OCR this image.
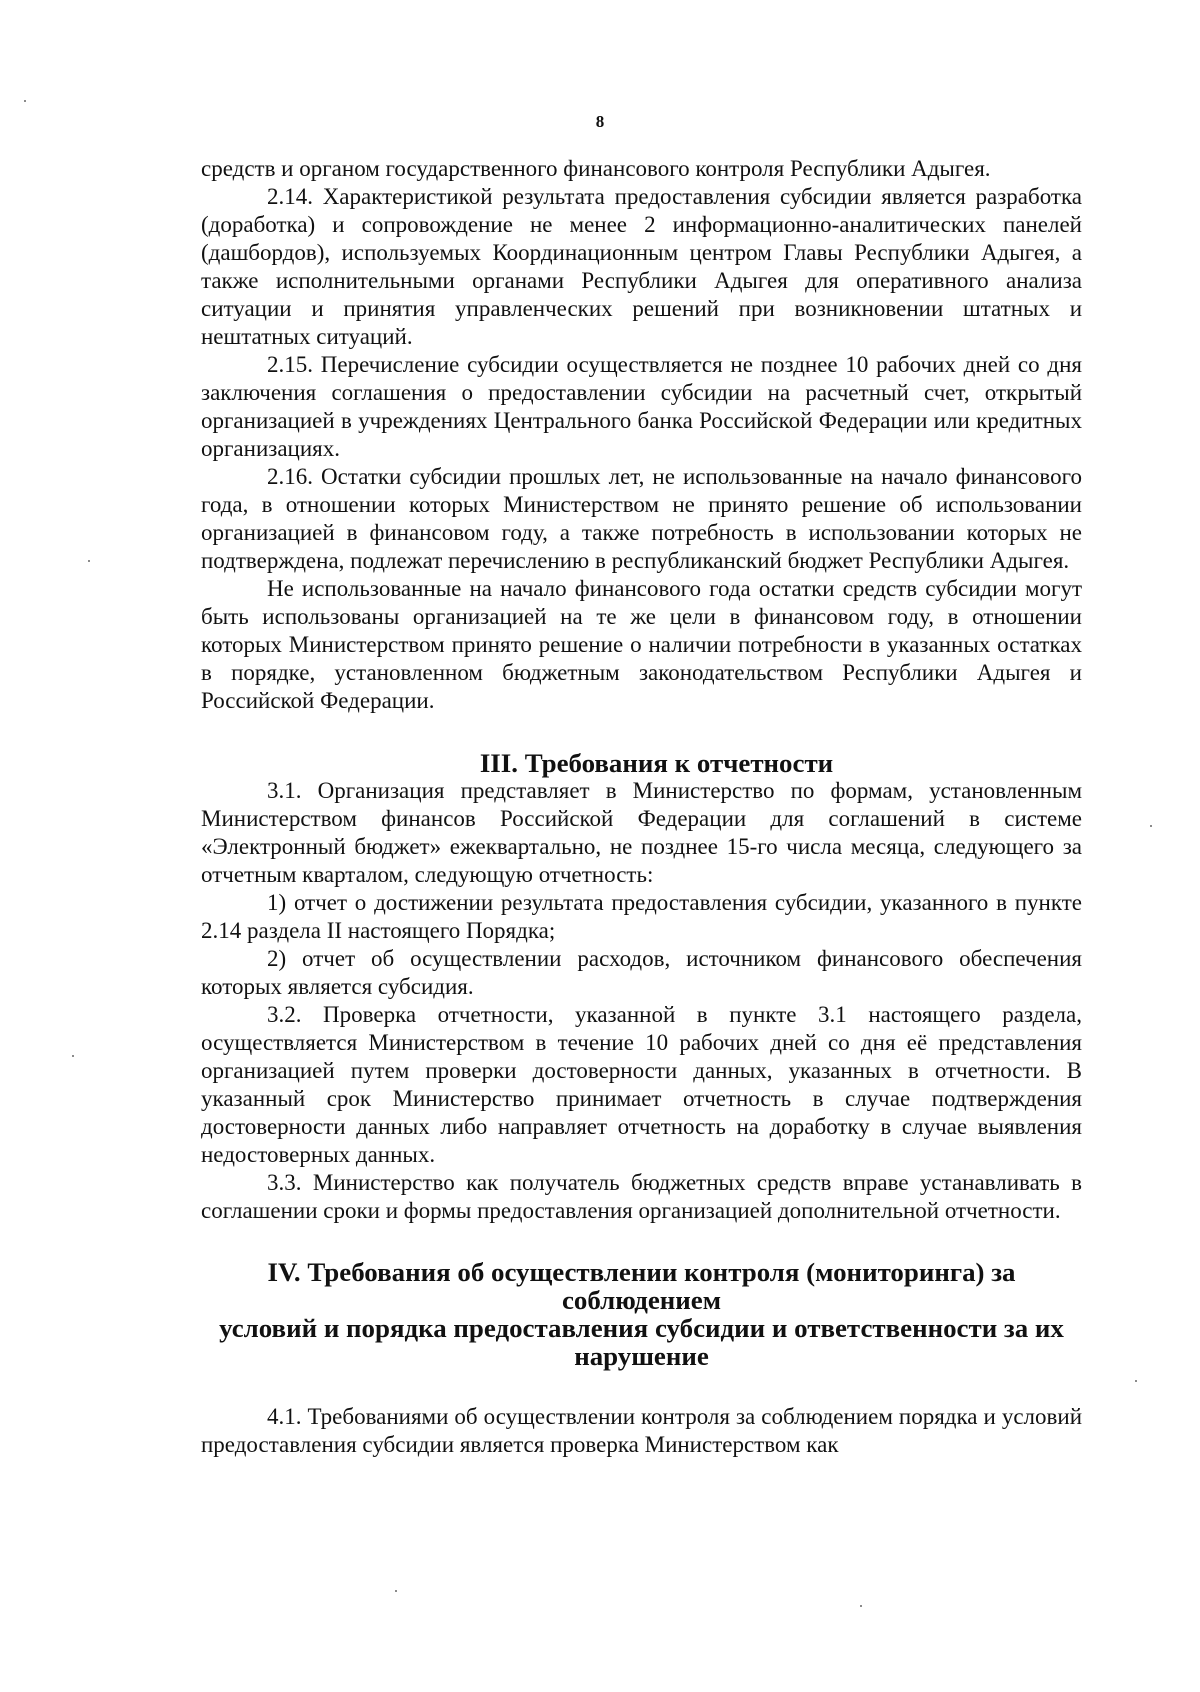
8

средств и органом государственного финансового контроля Республики Адыгея.

2.14. Характеристикой результата предоставления субсидии является разработка (доработка) и сопровождение не менее 2 информационно-аналитических панелей (дашбордов), используемых Координационным центром Главы Республики Адыгея, а также исполнительными органами Республики Адыгея для оперативного анализа ситуации и принятия управленческих решений при возникновении штатных и нештатных ситуаций.

2.15. Перечисление субсидии осуществляется не позднее 10 рабочих дней со дня заключения соглашения о предоставлении субсидии на расчетный счет, открытый организацией в учреждениях Центрального банка Российской Федерации или кредитных организациях.

2.16. Остатки субсидии прошлых лет, не использованные на начало финансового года, в отношении которых Министерством не принято решение об использовании организацией в финансовом году, а также потребность в использовании которых не подтверждена, подлежат перечислению в республиканский бюджет Республики Адыгея.

Не использованные на начало финансового года остатки средств субсидии могут быть использованы организацией на те же цели в финансовом году, в отношении которых Министерством принято решение о наличии потребности в указанных остатках в порядке, установленном бюджетным законодательством Республики Адыгея и Российской Федерации.

III. Требования к отчетности

3.1. Организация представляет в Министерство по формам, установленным Министерством финансов Российской Федерации для соглашений в системе «Электронный бюджет» ежеквартально, не позднее 15-го числа месяца, следующего за отчетным кварталом, следующую отчетность:

1) отчет о достижении результата предоставления субсидии, указанного в пункте 2.14 раздела II настоящего Порядка;

2) отчет об осуществлении расходов, источником финансового обеспечения которых является субсидия.

3.2. Проверка отчетности, указанной в пункте 3.1 настоящего раздела, осуществляется Министерством в течение 10 рабочих дней со дня её представления организацией путем проверки достоверности данных, указанных в отчетности. В указанный срок Министерство принимает отчетность в случае подтверждения достоверности данных либо направляет отчетность на доработку в случае выявления недостоверных данных.

3.3. Министерство как получатель бюджетных средств вправе устанавливать в соглашении сроки и формы предоставления организацией дополнительной отчетности.

IV. Требования об осуществлении контроля (мониторинга) за соблюдением
условий и порядка предоставления субсидии и ответственности за их
нарушение

4.1. Требованиями об осуществлении контроля за соблюдением порядка и условий предоставления субсидии является проверка Министерством как
